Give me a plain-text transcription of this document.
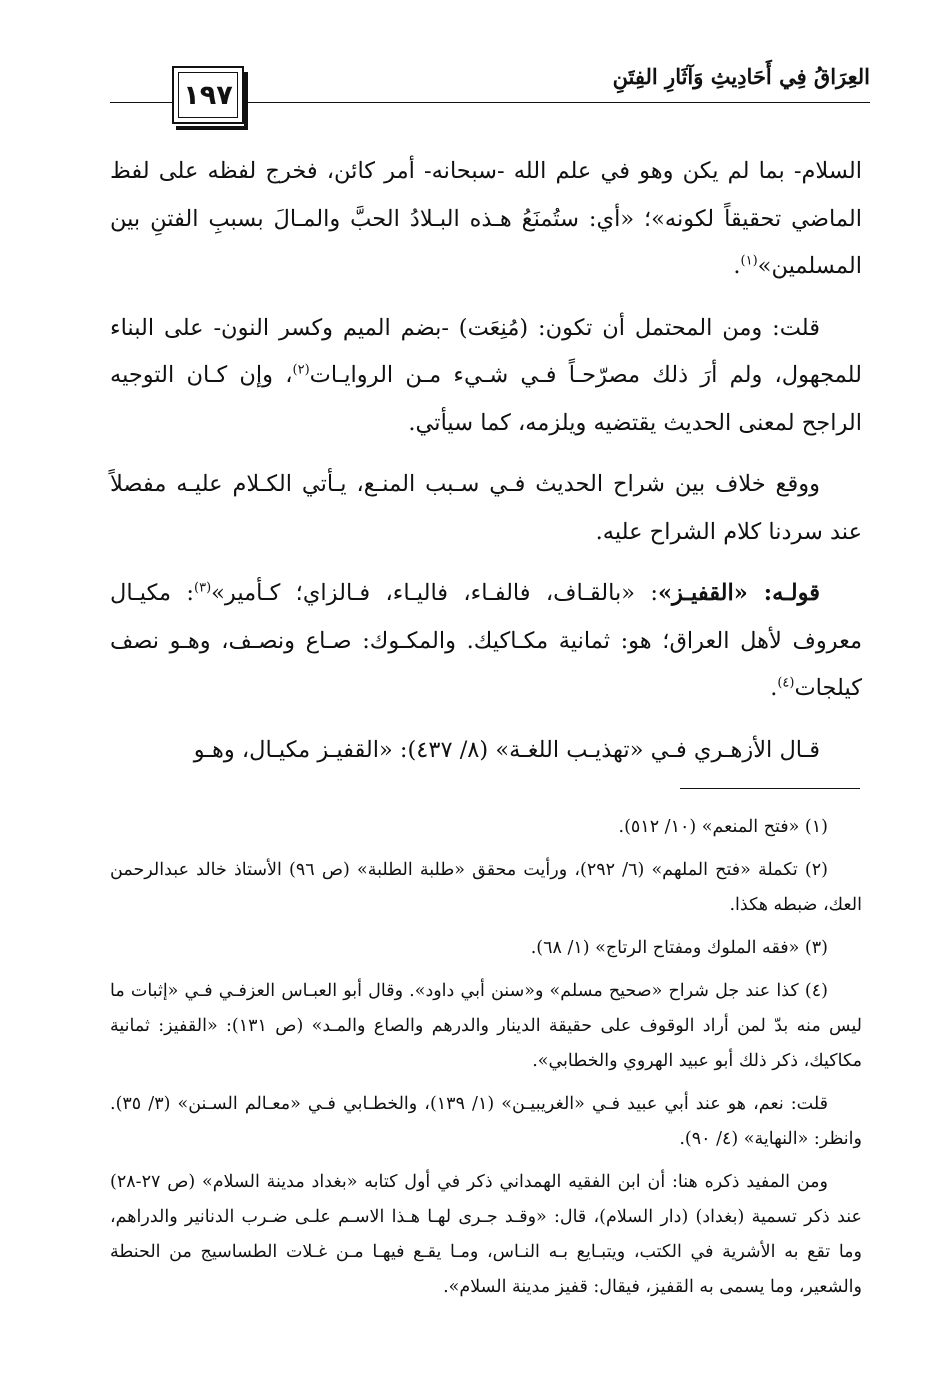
١٩٧
العِرَاقُ فِي أَحَادِيثِ وَآثَارِ الفِتَنِ

السلام- بما لم يكن وهو في علم الله -سبحانه- أمر كائن، فخرج لفظه على لفظ الماضي تحقيقاً لكونه»؛ «أي: ستُمنَعُ هـذه البـلادُ الحبَّ والمـالَ بسببِ الفتنِ بين المسلمين»$^{(١)}$.

قلت: ومن المحتمل أن تكون: (مُنِعَت) -بضم الميم وكسر النون- على البناء للمجهول، ولم أرَ ذلك مصرّحـاً فـي شـيء مـن الروايـات$^{(٢)}$، وإن كـان التوجيه الراجح لمعنى الحديث يقتضيه ويلزمه، كما سيأتي.

ووقع خلاف بين شراح الحديث فـي سـبب المنـع، يـأتي الكـلام عليـه مفصلاً عند سردنا كلام الشراح عليه.

قولـه: «القفيـز»: «بالقـاف، فالفـاء، فاليـاء، فـالزاي؛ كـأمير»$^{(٣)}$: مكيـال معروف لأهل العراق؛ هو: ثمانية مكـاكيك. والمكـوك: صـاع ونصـف، وهـو نصف كيلجات$^{(٤)}$.

قـال الأزهـري فـي «تهذيـب اللغـة» (٨/ ٤٣٧): «القفيـز مكيـال، وهـو

(١) «فتح المنعم» (١٠/ ٥١٢).

(٢) تكملة «فتح الملهم» (٦/ ٢٩٢)، ورأيت محقق «طلبة الطلبة» (ص ٩٦) الأستاذ خالد عبدالرحمن العك، ضبطه هكذا.

(٣) «فقه الملوك ومفتاح الرتاج» (١/ ٦٨).

(٤) كذا عند جل شراح «صحيح مسلم» و«سنن أبي داود». وقال أبو العبـاس العزفـي فـي «إثبات ما ليس منه بدّ لمن أراد الوقوف على حقيقة الدينار والدرهم والصاع والمـد» (ص ١٣١): «القفيز: ثمانية مكاكيك، ذكر ذلك أبو عبيد الهروي والخطابي».

قلت: نعم، هو عند أبي عبيد فـي «الغريبيـن» (١/ ١٣٩)، والخطـابي فـي «معـالم السـنن» (٣/ ٣٥). وانظر: «النهاية» (٤/ ٩٠).

ومن المفيد ذكره هنا: أن ابن الفقيه الهمداني ذكر في أول كتابه «بغداد مدينة السلام» (ص ٢٧-٢٨) عند ذكر تسمية (بغداد) (دار السلام)، قال: «وقـد جـرى لهـا هـذا الاسـم علـى ضـرب الدنانير والدراهم، وما تقع به الأشرية في الكتب، ويتبـايع بـه النـاس، ومـا يقـع فيهـا مـن غـلات الطساسيج من الحنطة والشعير، وما يسمى به القفيز، فيقال: قفيز مدينة السلام».
